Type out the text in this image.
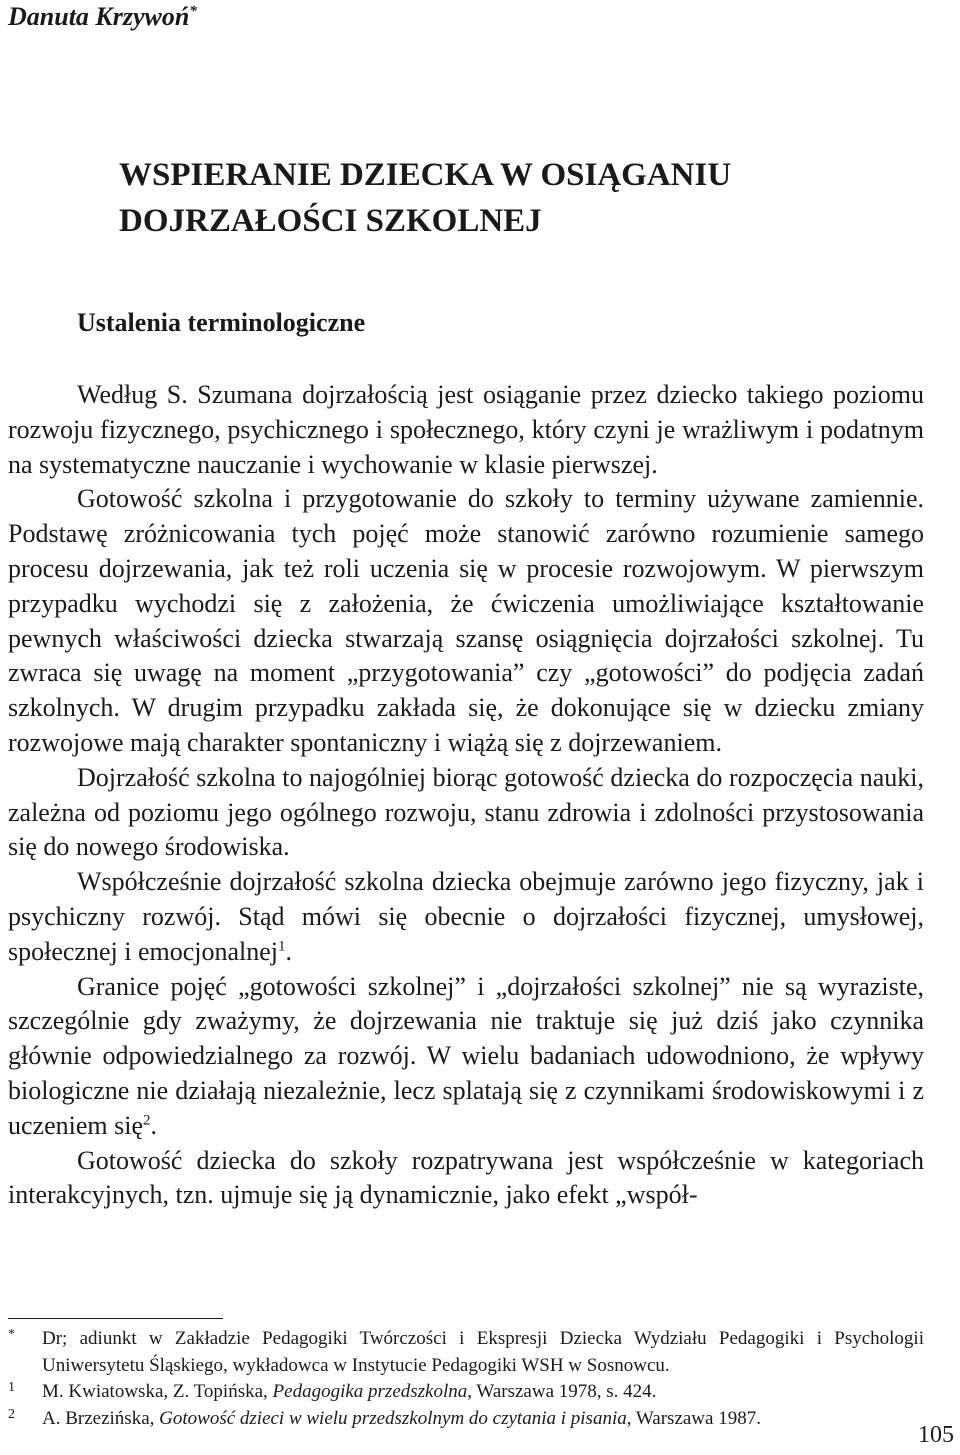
Danuta Krzywoń*
WSPIERANIE DZIECKA W OSIĄGANIU
DOJRZAŁOŚCI SZKOLNEJ
Ustalenia terminologiczne

Według S. Szumana dojrzałością jest osiąganie przez dziecko takiego poziomu rozwoju fizycznego, psychicznego i społecznego, który czyni je wrażliwym i podatnym na systematyczne nauczanie i wychowanie w klasie pierwszej.

Gotowość szkolna i przygotowanie do szkoły to terminy używane zamiennie. Podstawę zróżnicowania tych pojęć może stanowić zarówno rozumienie samego procesu dojrzewania, jak też roli uczenia się w procesie rozwojowym. W pierwszym przypadku wychodzi się z założenia, że ćwiczenia umożliwiające kształtowanie pewnych właściwości dziecka stwarzają szansę osiągnięcia dojrzałości szkolnej. Tu zwraca się uwagę na moment „przygotowania” czy „gotowości” do podjęcia zadań szkolnych. W drugim przypadku zakłada się, że dokonujące się w dziecku zmiany rozwojowe mają charakter spontaniczny i wiążą się z dojrzewaniem.

Dojrzałość szkolna to najogólniej biorąc gotowość dziecka do rozpoczęcia nauki, zależna od poziomu jego ogólnego rozwoju, stanu zdrowia i zdolności przystosowania się do nowego środowiska.

Współcześnie dojrzałość szkolna dziecka obejmuje zarówno jego fizyczny, jak i psychiczny rozwój. Stąd mówi się obecnie o dojrzałości fizycznej, umysłowej, społecznej i emocjonalnej$^1$.

Granice pojęć „gotowości szkolnej” i „dojrzałości szkolnej” nie są wyraziste, szczególnie gdy zważymy, że dojrzewania nie traktuje się już dziś jako czynnika głównie odpowiedzialnego za rozwój. W wielu badaniach udowodniono, że wpływy biologiczne nie działają niezależnie, lecz splatają się z czynnikami środowiskowymi i z uczeniem się$^2$.

Gotowość dziecka do szkoły rozpatrywana jest współcześnie w kategoriach interakcyjnych, tzn. ujmuje się ją dynamicznie, jako efekt „współ-

*	Dr; adiunkt w Zakładzie Pedagogiki Twórczości i Ekspresji Dziecka Wydziału Pedagogiki i Psychologii Uniwersytetu Śląskiego, wykładowca w Instytucie Pedagogiki WSH w Sosnowcu.
1	M. Kwiatowska, Z. Topińska, Pedagogika przedszkolna, Warszawa 1978, s. 424.
2	A. Brzezińska, Gotowość dzieci w wielu przedszkolnym do czytania i pisania, Warszawa 1987.
105
